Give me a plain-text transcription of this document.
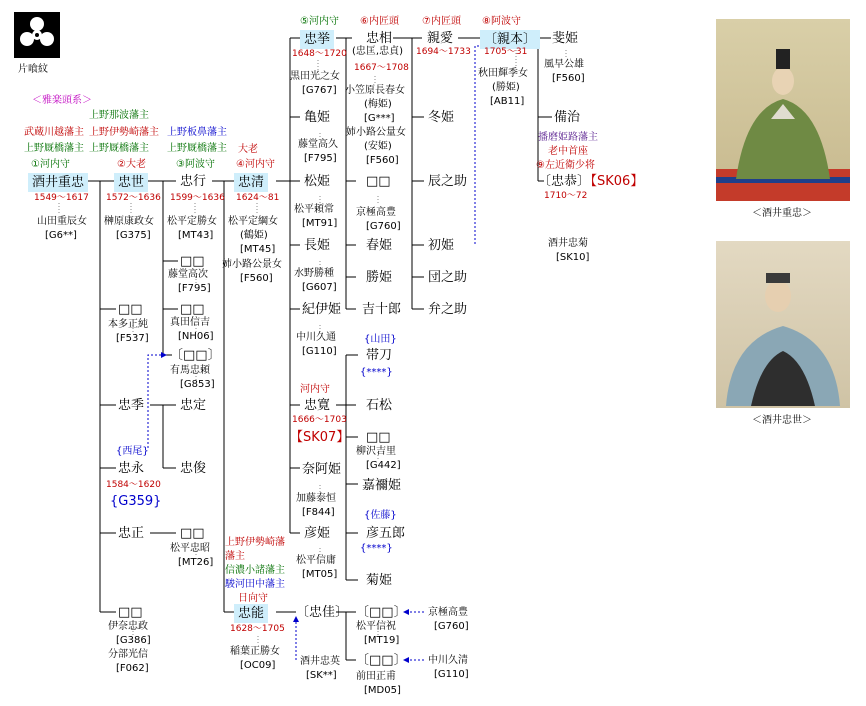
片喰紋
＜酒井重忠＞
＜酒井忠世＞
＜雅楽頭系＞
上野那波藩主
武蔵川越藩主 上野伊勢崎藩主
上野厩橋藩主 上野厩橋藩主
上野板鼻藩主
上野厩橋藩主
①河内守
酒井重忠
1549～1617
山田重辰女
[G6**]
②大老
忠世
1572～1636
榊原康政女
[G375]
③阿波守
忠行
1599～1636
松平定勝女
[MT43]
大老
④河内守
忠清
1624～81
松平定綱女
(鶴姫)
[MT45]
姉小路公景女
[F560]
⑤河内守
忠挙
1648～1720
黒田光之女
[G767]
⑥内匠頭
忠相
(忠匡,忠貞)
1667～1708
小笠原長春女
(梅姫)
[G***]
姉小路公量女
(安姫)
[F560]
⑦内匠頭
親愛
1694～1733
⑧阿波守
〔親本〕
1705～31
秋田輝季女
(勝姫)
[AB11]
斐姫
風早公雄
[F560]
備治
播磨姫路藩主
老中首座
⑨左近衛少将
〔忠恭〕
【SK06】
1710～72
酒井忠菊
[SK10]
冬姫
辰之助
初姫
団之助
弁之助
□□
京極高豊
[G760]
春姫
勝姫
吉十郎
{山田}
帯刀
{****}
石松
□□
柳沢吉里
[G442]
嘉禰姫
{佐藤}
彦五郎
{****}
菊姫
〔□□〕
松平信祝
[MT19]
京極高豊
[G760]
〔□□〕
前田正甫
[MD05]
中川久清
[G110]
亀姫
藤堂高久
[F795]
松姫
松平頼常
[MT91]
長姫
水野勝種
[G607]
紀伊姫
中川久通
[G110]
河内守
忠寛
1666～1703
【SK07】
奈阿姫
加藤泰恒
[F844]
彦姫
松平信庸
[MT05]
〔忠佳〕
酒井忠英
[SK**]
上野伊勢崎藩
藩主
信濃小諸藩主
駿河田中藩主
日向守
忠能
1628～1705
稲葉正勝女
[OC09]
□□
藤堂高次
[F795]
□□
真田信吉
[NH06]
〔□□〕
有馬忠頼
[G853]
□□
本多正純
[F537]
忠季	忠定
{西尾}
忠永
1584～1620
{G359}
忠俊
忠正	□□
松平忠昭
[MT26]
□□
伊奈忠政
[G386]
分部光信
[F062]
